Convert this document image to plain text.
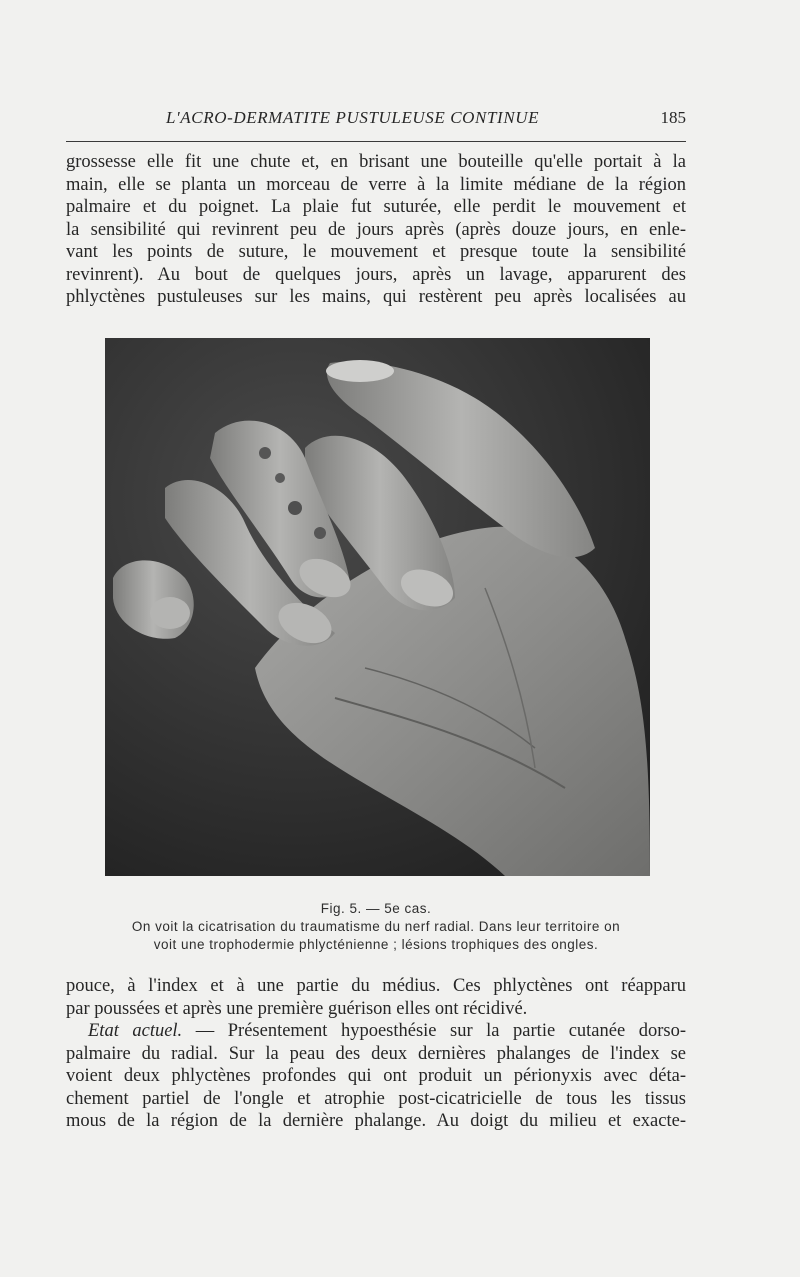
L'ACRO-DERMATITE PUSTULEUSE CONTINUE	185
grossesse elle fit une chute et, en brisant une bouteille qu'elle portait à la
main, elle se planta un morceau de verre à la limite médiane de la région
palmaire et du poignet. La plaie fut suturée, elle perdit le mouvement et
la sensibilité qui revinrent peu de jours après (après douze jours, en enle-
vant les points de suture, le mouvement et presque toute la sensibilité
revinrent). Au bout de quelques jours, après un lavage, apparurent des
phlyctènes pustuleuses sur les mains, qui restèrent peu après localisées au
Fig. 5. — 5e cas.
On voit la cicatrisation du traumatisme du nerf radial. Dans leur territoire on
voit une trophodermie phlycténienne ; lésions trophiques des ongles.
pouce, à l'index et à une partie du médius. Ces phlyctènes ont réapparu
par poussées et après une première guérison elles ont récidivé.
Etat actuel. — Présentement hypoesthésie sur la partie cutanée dorso-
palmaire du radial. Sur la peau des deux dernières phalanges de l'index se
voient deux phlyctènes profondes qui ont produit un périonyxis avec déta-
chement partiel de l'ongle et atrophie post-cicatricielle de tous les tissus
mous de la région de la dernière phalange. Au doigt du milieu et exacte-
